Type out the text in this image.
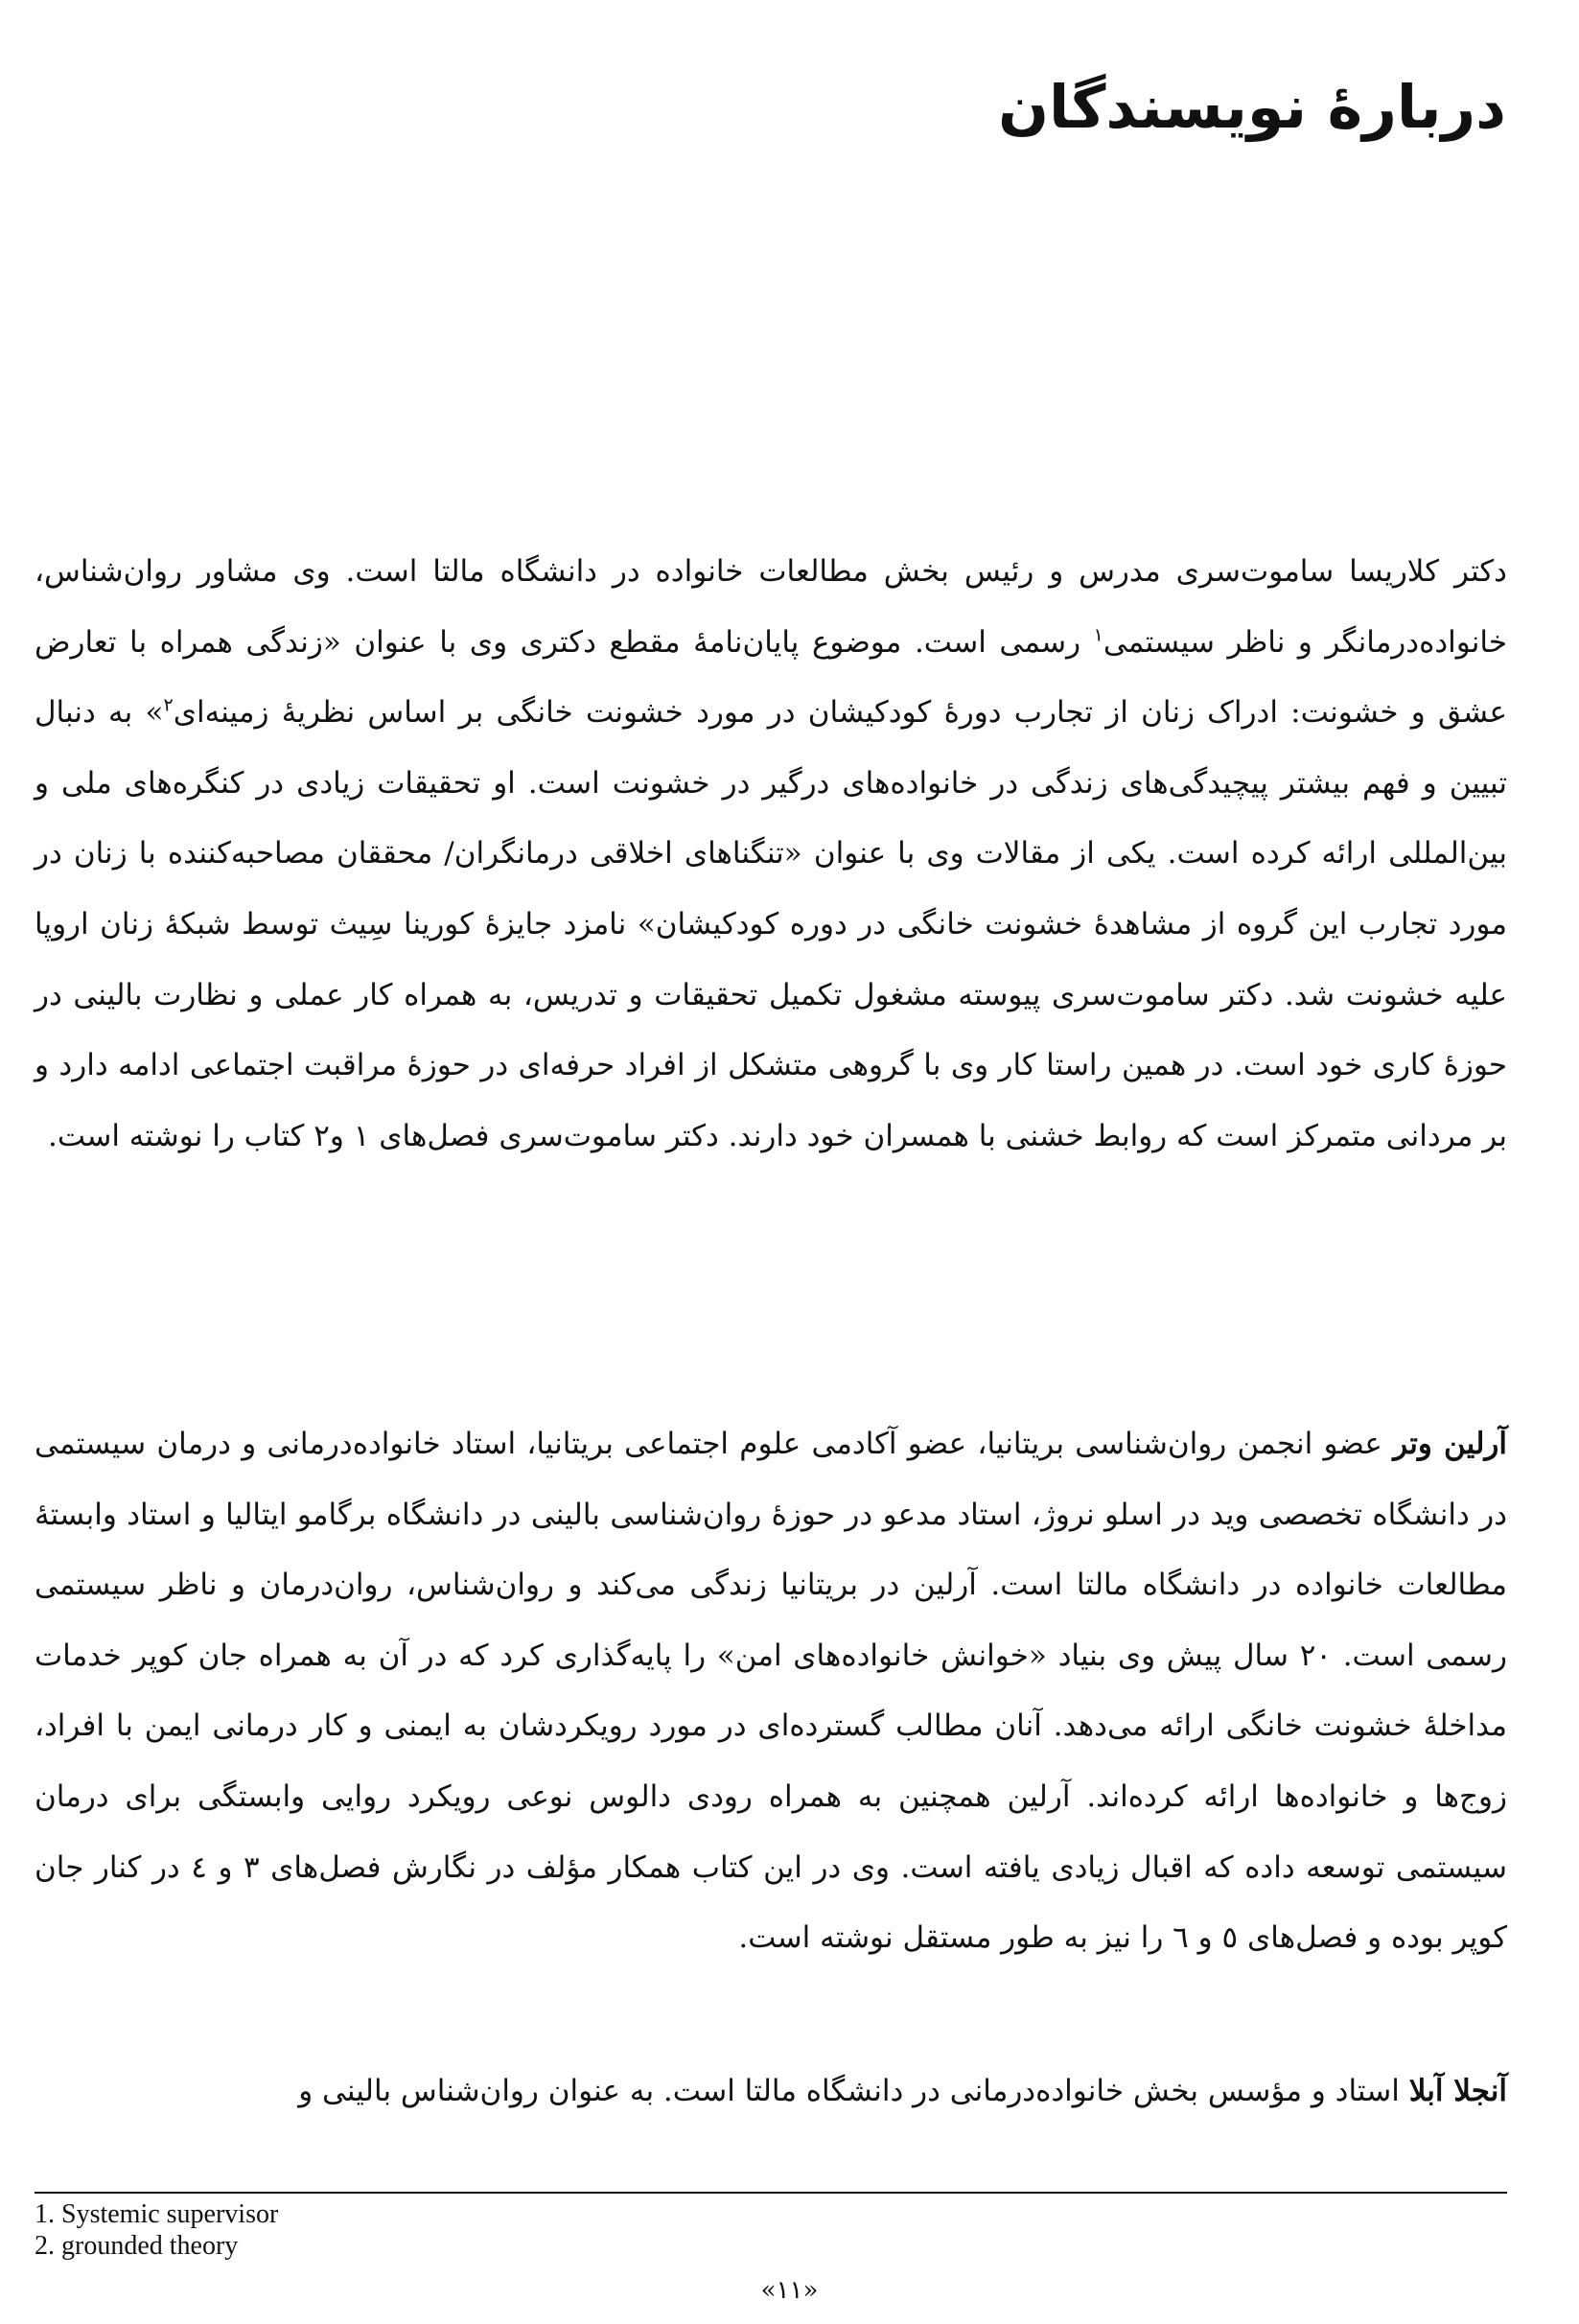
دربارهٔ نویسندگان

دکتر کلاریسا ساموت‌سری مدرس و رئیس بخش مطالعات خانواده در دانشگاه مالتا است. وی مشاور روان‌شناس، خانواده‌درمانگر و ناظر سیستمی$^۱$ رسمی است. موضوع پایان‌نامهٔ مقطع دکتری وی با عنوان «زندگی همراه با تعارض عشق و خشونت: ادراک زنان از تجارب دورهٔ کودکیشان در مورد خشونت خانگی بر اساس نظریهٔ زمینه‌ای$^۲$» به دنبال تبیین و فهم بیشتر پیچیدگی‌های زندگی در خانواده‌های درگیر در خشونت است. او تحقیقات زیادی در کنگره‌های ملی و بین‌المللی ارائه کرده است. یکی از مقالات وی با عنوان «تنگناهای اخلاقی درمانگران/ محققان مصاحبه‌کننده با زنان در مورد تجارب این گروه از مشاهدهٔ خشونت خانگی در دوره کودکیشان» نامزد جایزهٔ کورینا سِیث توسط شبکهٔ زنان اروپا علیه خشونت شد. دکتر ساموت‌سری پیوسته مشغول تکمیل تحقیقات و تدریس، به همراه کار عملی و نظارت بالینی در حوزهٔ کاری خود است. در همین راستا کار وی با گروهی متشکل از افراد حرفه‌ای در حوزهٔ مراقبت اجتماعی ادامه دارد و بر مردانی متمرکز است که روابط خشنی با همسران خود دارند. دکتر ساموت‌سری فصل‌های ۱ و۲ کتاب را نوشته است.

آرلین وتر عضو انجمن روان‌شناسی بریتانیا، عضو آکادمی علوم اجتماعی بریتانیا، استاد خانواده‌درمانی و درمان سیستمی در دانشگاه تخصصی وید در اسلو نروژ، استاد مدعو در حوزهٔ روان‌شناسی بالینی در دانشگاه برگامو ایتالیا و استاد وابستهٔ مطالعات خانواده در دانشگاه مالتا است. آرلین در بریتانیا زندگی می‌کند و روان‌شناس، روان‌درمان و ناظر سیستمی رسمی است. ۲۰ سال پیش وی بنیاد «خوانش خانواده‌های امن» را پایه‌گذاری کرد که در آن به همراه جان کوپر خدمات مداخلهٔ خشونت خانگی ارائه می‌دهد. آنان مطالب گسترده‌ای در مورد رویکردشان به ایمنی و کار درمانی ایمن با افراد، زوج‌ها و خانواده‌ها ارائه کرده‌اند. آرلین همچنین به همراه رودی دالوس نوعی رویکرد روایی وابستگی برای درمان سیستمی توسعه داده که اقبال زیادی یافته است. وی در این کتاب همکار مؤلف در نگارش فصل‌های ۳ و ٤ در کنار جان کوپر بوده و فصل‌های ٥ و ٦ را نیز به طور مستقل نوشته است.

آنجلا آبلا استاد و مؤسس بخش خانواده‌درمانی در دانشگاه مالتا است. به عنوان روان‌شناس بالینی و

1. Systemic supervisor

2. grounded theory

«۱۱»
